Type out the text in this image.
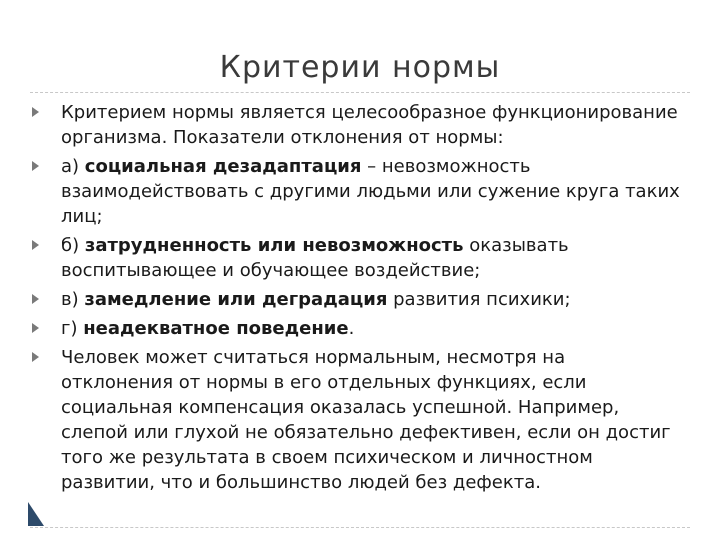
Критерии нормы
Критерием нормы является целесообразное функционирование организма. Показатели отклонения от нормы:
а) социальная дезадаптация – невозможность взаимодействовать с другими людьми или сужение круга таких лиц;
б) затрудненность или невозможность оказывать воспитывающее и обучающее воздействие;
в) замедление или деградация развития психики;
г) неадекватное поведение.
Человек может считаться нормальным, несмотря на отклонения от нормы в его отдельных функциях, если социальная компенсация оказалась успешной. Например, слепой или глухой не обязательно дефективен, если он достиг того же результата в своем психическом и личностном развитии, что и большинство людей без дефекта.
